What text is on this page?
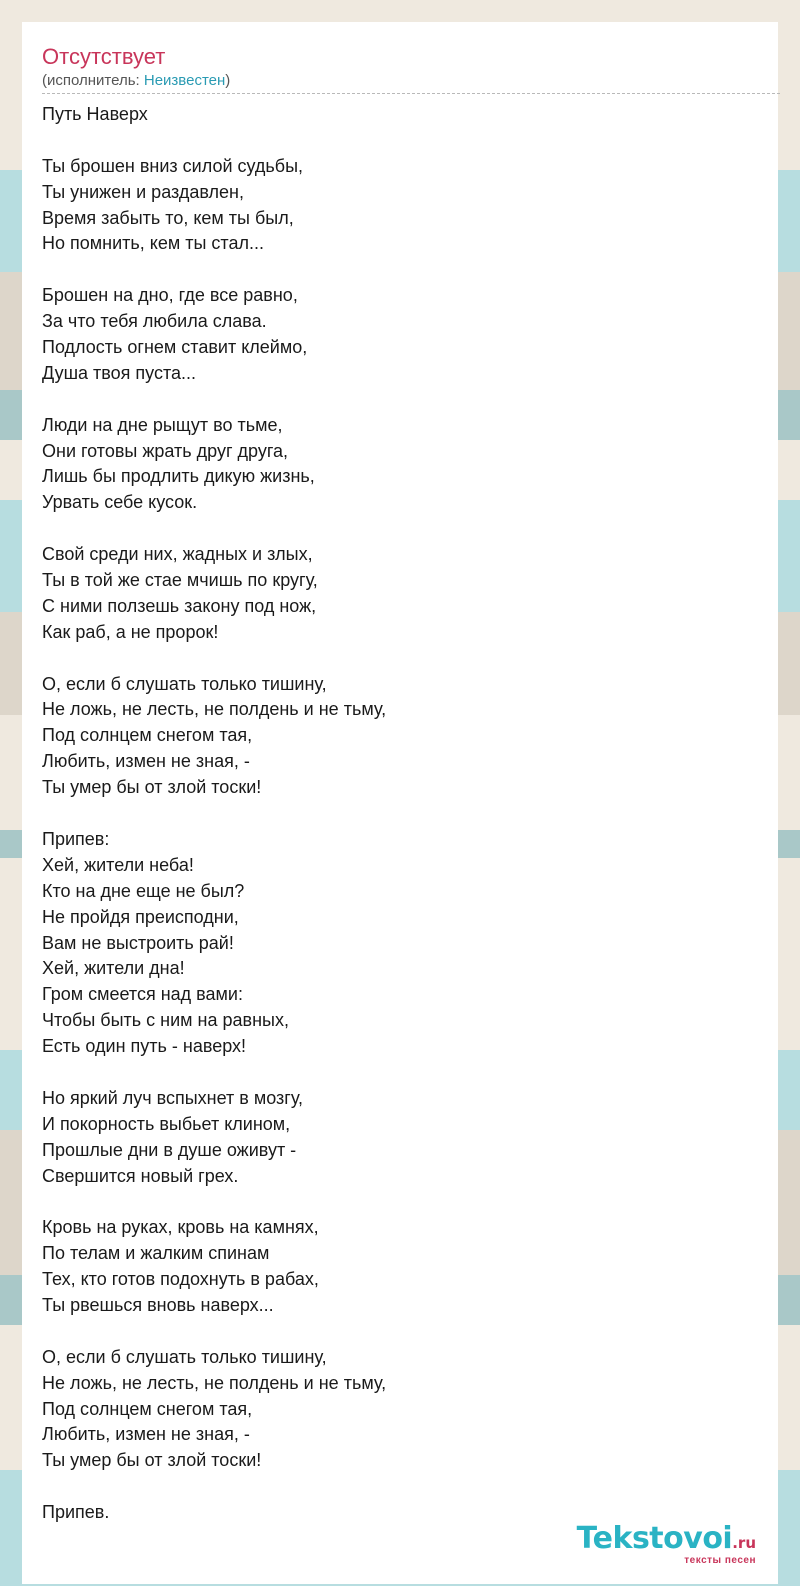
Отсутствует
(исполнитель: Неизвестен)
Путь Наверх
Ты брошен вниз силой судьбы,
Ты унижен и раздавлен,
Время забыть то, кем ты был,
Но помнить, кем ты стал...
Брошен на дно, где все равно,
За что тебя любила слава.
Подлость огнем ставит клеймо,
Душа твоя пуста...
Люди на дне рыщут во тьме,
Они готовы жрать друг друга,
Лишь бы продлить дикую жизнь,
Урвать себе кусок.
Свой среди них, жадных и злых,
Ты в той же стае мчишь по кругу,
С ними ползешь закону под нож,
Как раб, а не пророк!
О, если б слушать только тишину,
Не ложь, не лесть, не полдень и не тьму,
Под солнцем снегом тая,
Любить, измен не зная, -
Ты умер бы от злой тоски!
Припев:
Хей, жители неба!
Кто на дне еще не был?
Не пройдя преисподни,
Вам не выстроить рай!
Хей, жители дна!
Гром смеется над вами:
Чтобы быть с ним на равных,
Есть один путь - наверх!
Но яркий луч вспыхнет в мозгу,
И покорность выбьет клином,
Прошлые дни в душе оживут -
Свершится новый грех.
Кровь на руках, кровь на камнях,
По телам и жалким спинам
Тех, кто готов подохнуть в рабах,
Ты рвешься вновь наверх...
О, если б слушать только тишину,
Не ложь, не лесть, не полдень и не тьму,
Под солнцем снегом тая,
Любить, измен не зная, -
Ты умер бы от злой тоски!
Припев.
Tekstovoi.ru
тексты песен
